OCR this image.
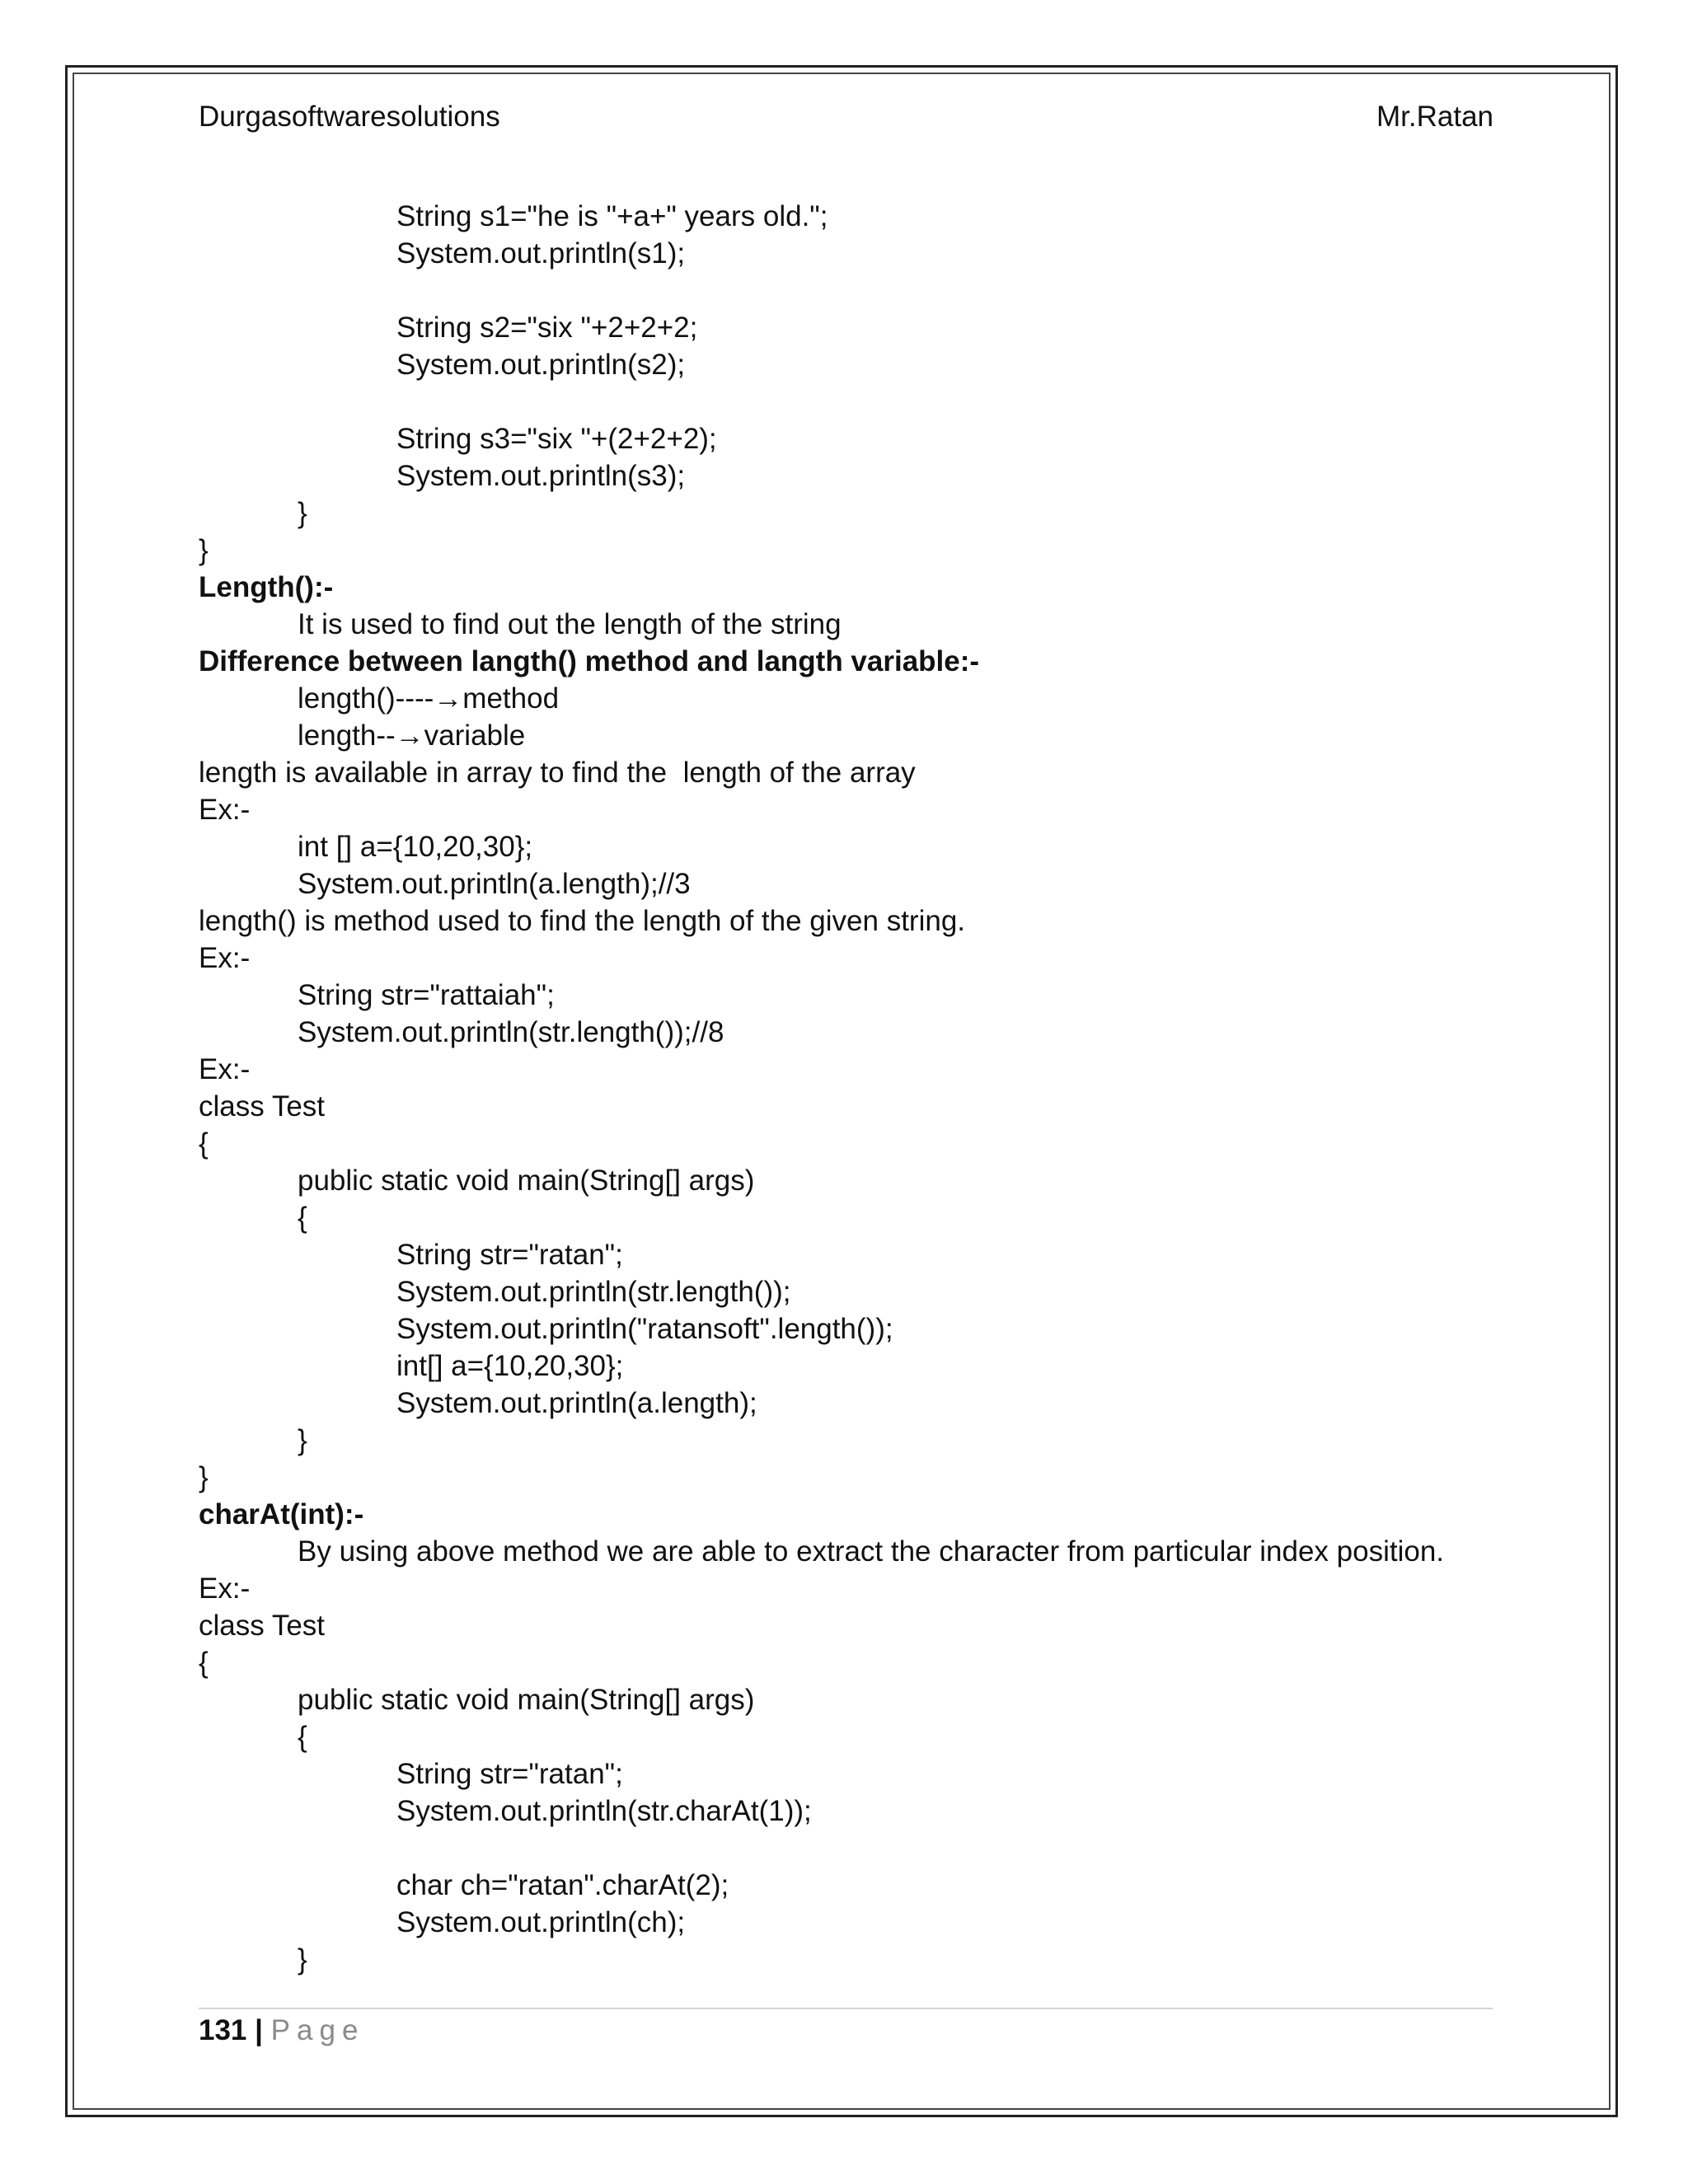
Durgasoftwaresolutions	Mr.Ratan
String s1="he is "+a+" years old.";
System.out.println(s1);
String s2="six "+2+2+2;
System.out.println(s2);
String s3="six "+(2+2+2);
System.out.println(s3);
}
}
Length():-
It is used to find out the length of the string
Difference between langth() method and langth variable:-
length()----→method
length--→variable
length is available in array to find the  length of the array
Ex:-
int [] a={10,20,30};
System.out.println(a.length);//3
length() is method used to find the length of the given string.
Ex:-
String str="rattaiah";
System.out.println(str.length());//8
Ex:-
class Test
{
public static void main(String[] args)
{
String str="ratan";
System.out.println(str.length());
System.out.println("ratansoft".length());
int[] a={10,20,30};
System.out.println(a.length);
}
}
charAt(int):-
By using above method we are able to extract the character from particular index position.
Ex:-
class Test
{
public static void main(String[] args)
{
String str="ratan";
System.out.println(str.charAt(1));
char ch="ratan".charAt(2);
System.out.println(ch);
}
131 | Page
